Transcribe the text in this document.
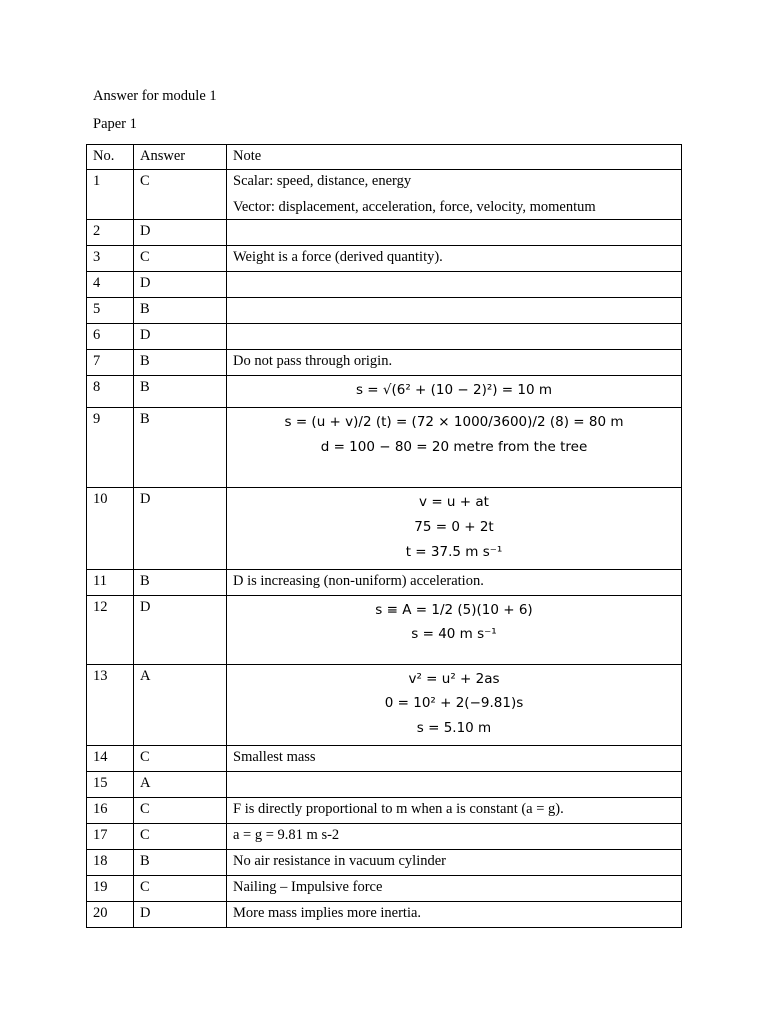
Answer for module 1
Paper 1
No.	Answer	Note
1	C	Scalar: speed, distance, energy

Vector: displacement, acceleration, force, velocity, momentum

2	D	
3	C	Weight is a force (derived quantity).

4	D	
5	B	
6	D	
7	B	Do not pass through origin.

8	B	s = √(6² + (10 − 2)²) = 10 m

9	B	s = (u + v)/2 (t) = (72 × 1000/3600)/2 (8) = 80 m
d = 100 − 80 = 20 metre from the tree

10	D	v = u + at
75 = 0 + 2t
t = 37.5 m s⁻¹

11	B	D is increasing (non-uniform) acceleration.

12	D	s ≡ A = 1/2 (5)(10 + 6)
s = 40 m s⁻¹

13	A	v² = u² + 2as
0 = 10² + 2(−9.81)s
s = 5.10 m

14	C	Smallest mass

15	A	
16	C	F is directly proportional to m when a is constant (a = g).

17	C	a = g = 9.81 m s-2

18	B	No air resistance in vacuum cylinder

19	C	Nailing – Impulsive force

20	D	More mass implies more inertia.
